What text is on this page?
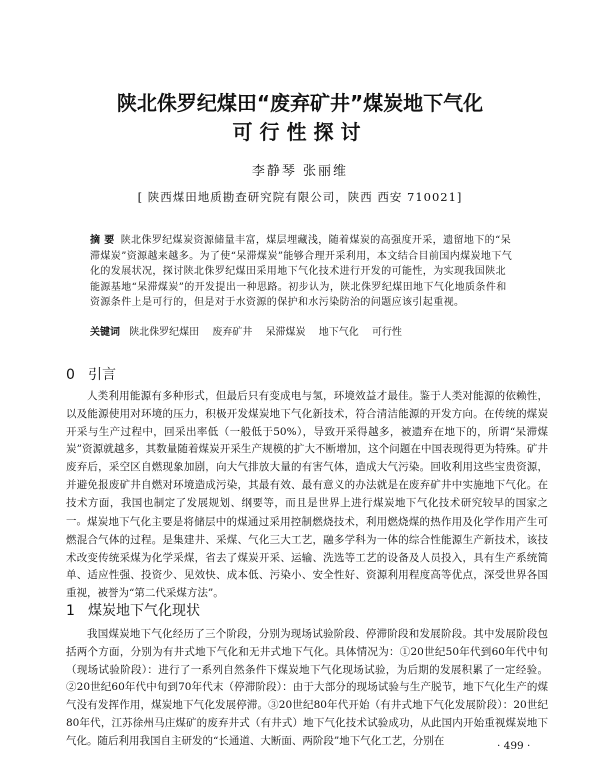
陕北侏罗纪煤田“废弃矿井”煤炭地下气化
可行性探讨
李静琴 张丽维
[ 陕西煤田地质勘查研究院有限公司，陕西 西安 710021]
摘 要 陕北侏罗纪煤炭资源储量丰富，煤层埋藏浅，随着煤炭的高强度开采，遗留地下的“呆滞煤炭”资源越来越多。为了使“呆滞煤炭”能够合理开采利用，本文结合目前国内煤炭地下气化的发展状况，探讨陕北侏罗纪煤田采用地下气化技术进行开发的可能性，为实现我国陕北能源基地“呆滞煤炭”的开发提出一种思路。初步认为，陕北侏罗纪煤田地下气化地质条件和资源条件上是可行的，但是对于水资源的保护和水污染防治的问题应该引起重视。
关键词 陕北侏罗纪煤田 废弃矿井 呆滞煤炭 地下气化 可行性
0 引言

人类利用能源有多种形式，但最后只有变成电与氢，环境效益才最佳。鉴于人类对能源的依赖性，以及能源使用对环境的压力，积极开发煤炭地下气化新技术，符合清洁能源的开发方向。在传统的煤炭开采与生产过程中，回采出率低（一般低于50%），导致开采得越多，被遗弃在地下的，所谓“呆滞煤炭”资源就越多，其数量随着煤炭开采生产规模的扩大不断增加，这个问题在中国表现得更为特殊。矿井废弃后，采空区自燃现象加剧，向大气排放大量的有害气体，造成大气污染。回收利用这些宝贵资源，并避免报废矿井自燃对环境造成污染，其最有效、最有意义的办法就是在废弃矿井中实施地下气化。在技术方面，我国也制定了发展规划、纲要等，而且是世界上进行煤炭地下气化技术研究较早的国家之一。 煤炭地下气化主要是将储层中的煤通过采用控制燃烧技术，利用燃烧煤的热作用及化学作用产生可燃混合气体的过程。是集建井、采煤、气化三大工艺，融多学科为一体的综合性能源生产新技术，该技术改变传统采煤为化学采煤，省去了煤炭开采、运输、洗选等工艺的设备及人员投入，具有生产系统简单、适应性强、投资少、见效快、成本低、污染小、安全性好、资源利用程度高等优点，深受世界各国重视，被誉为“第二代采煤方法”。

1 煤炭地下气化现状

我国煤炭地下气化经历了三个阶段，分别为现场试验阶段、停滞阶段和发展阶段。其中发展阶段包括两个方面，分别为有井式地下气化和无井式地下气化。具体情况为：①20世纪50年代到60年代中旬（现场试验阶段）：进行了一系列自然条件下煤炭地下气化现场试验，为后期的发展积累了一定经验。②20世纪60年代中旬到70年代末（停滞阶段）：由于大部分的现场试验与生产脱节，地下气化生产的煤气没有发挥作用，煤炭地下气化发展停滞。③20世纪80年代开始（有井式地下气化发展阶段）：20世纪80年代，江苏徐州马庄煤矿的废弃井式（有井式）地下气化技术试验成功，从此国内开始重视煤炭地下气化。随后利用我国自主研发的“长通道、大断面、两阶段”地下气化工艺，分别在	· 499 ·
